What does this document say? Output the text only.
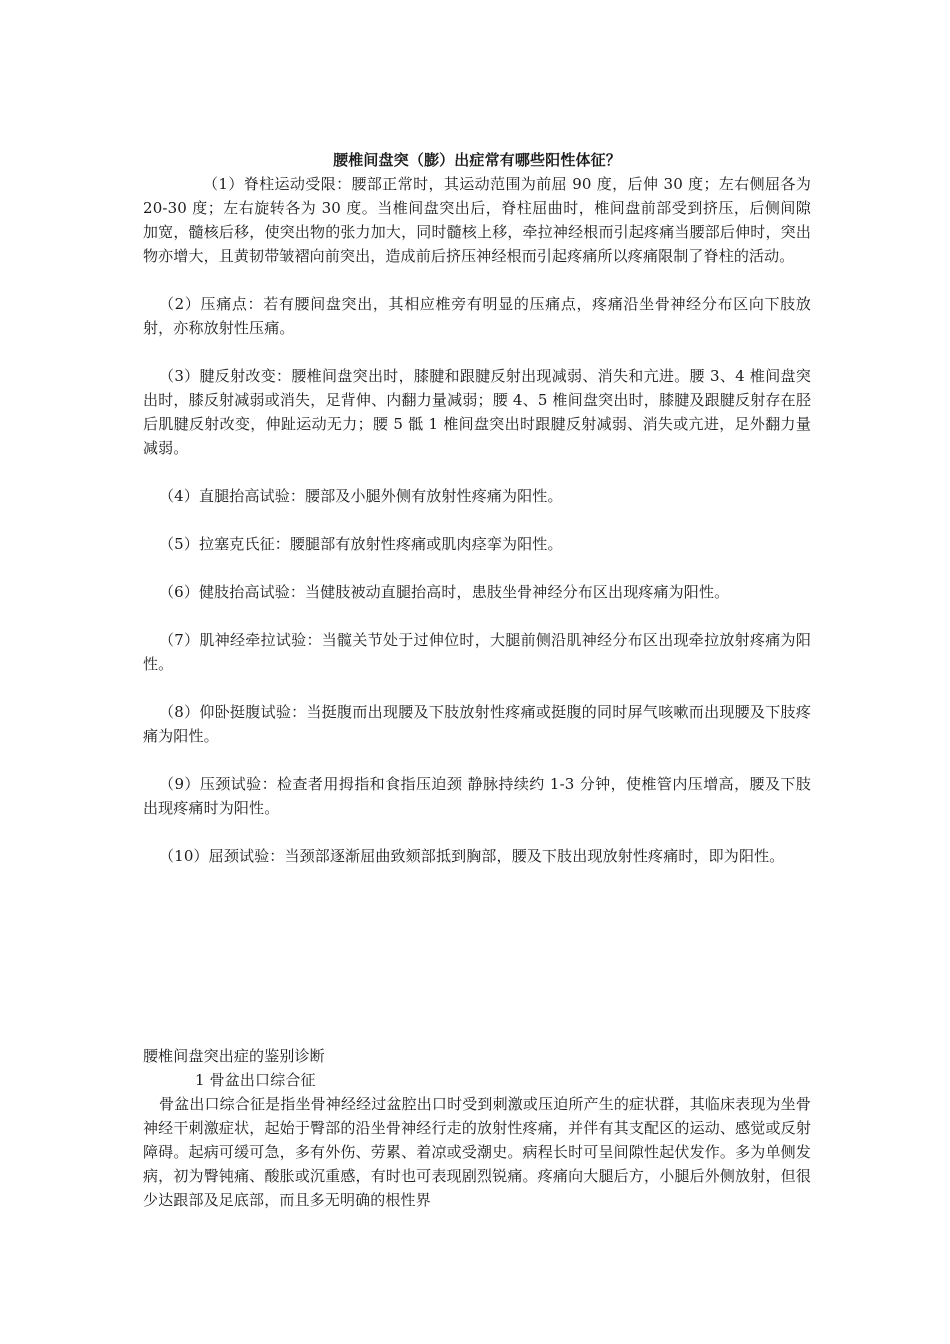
腰椎间盘突（膨）出症常有哪些阳性体征？

（1）脊柱运动受限：腰部正常时，其运动范围为前屈 90 度，后伸 30 度；左右侧屈各为 20-30 度；左右旋转各为 30 度。当椎间盘突出后，脊柱屈曲时，椎间盘前部受到挤压，后侧间隙加宽，髓核后移，使突出物的张力加大，同时髓核上移，牵拉神经根而引起疼痛当腰部后伸时，突出物亦增大，且黄韧带皱褶向前突出，造成前后挤压神经根而引起疼痛所以疼痛限制了脊柱的活动。

（2）压痛点：若有腰间盘突出，其相应椎旁有明显的压痛点，疼痛沿坐骨神经分布区向下肢放射，亦称放射性压痛。

（3）腱反射改变：腰椎间盘突出时，膝腱和跟腱反射出现减弱、消失和亢进。腰 3、4 椎间盘突出时，膝反射减弱或消失，足背伸、内翻力量减弱；腰 4、5 椎间盘突出时，膝腱及跟腱反射存在胫后肌腱反射改变，伸趾运动无力；腰 5 骶 1 椎间盘突出时跟腱反射减弱、消失或亢进，足外翻力量减弱。

（4）直腿抬高试验：腰部及小腿外侧有放射性疼痛为阳性。

（5）拉塞克氏征：腰腿部有放射性疼痛或肌肉痉挛为阳性。

（6）健肢抬高试验：当健肢被动直腿抬高时，患肢坐骨神经分布区出现疼痛为阳性。

（7）肌神经牵拉试验：当髋关节处于过伸位时，大腿前侧沿肌神经分布区出现牵拉放射疼痛为阳性。

（8）仰卧挺腹试验：当挺腹而出现腰及下肢放射性疼痛或挺腹的同时屏气咳嗽而出现腰及下肢疼痛为阳性。

（9）压颈试验：检查者用拇指和食指压迫颈 静脉持续约 1-3 分钟，使椎管内压增高，腰及下肢出现疼痛时为阳性。

（10）屈颈试验：当颈部逐渐屈曲致颏部抵到胸部，腰及下肢出现放射性疼痛时，即为阳性。

腰椎间盘突出症的鉴别诊断

1 骨盆出口综合征

骨盆出口综合征是指坐骨神经经过盆腔出口时受到刺激或压迫所产生的症状群，其临床表现为坐骨神经干刺激症状，起始于臀部的沿坐骨神经行走的放射性疼痛，并伴有其支配区的运动、感觉或反射障碍。起病可缓可急，多有外伤、劳累、着凉或受潮史。病程长时可呈间隙性起伏发作。多为单侧发病，初为臀钝痛、酸胀或沉重感，有时也可表现剧烈锐痛。疼痛向大腿后方，小腿后外侧放射，但很少达跟部及足底部，而且多无明确的根性界
